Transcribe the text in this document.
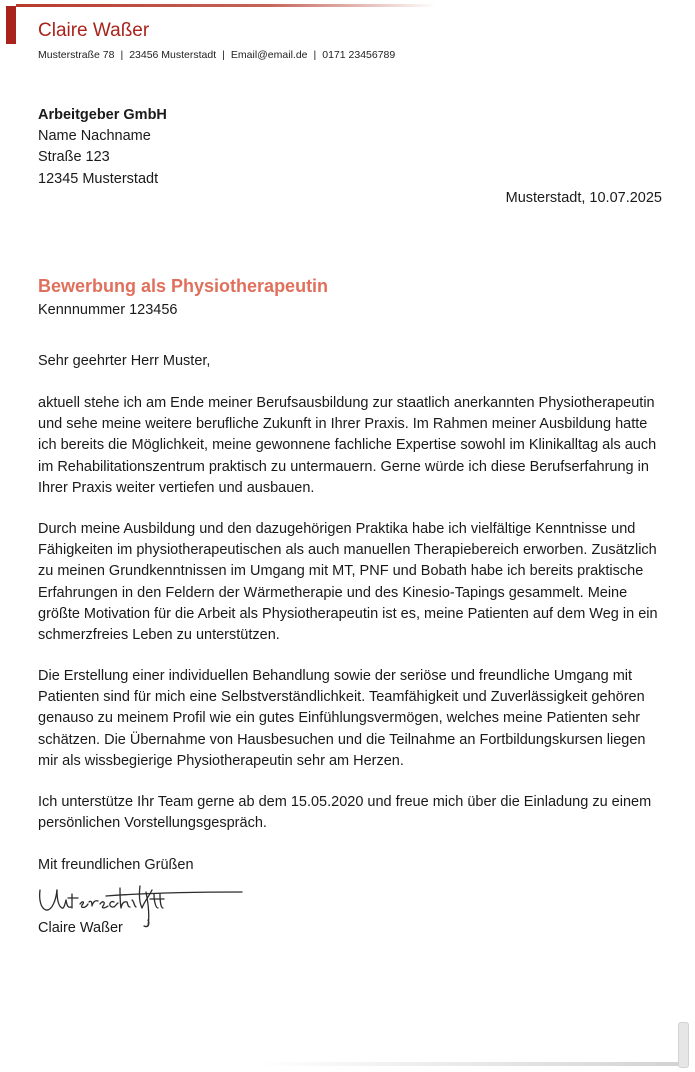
Claire Waßer
Musterstraße 78 | 23456 Musterstadt | Email@email.de | 0171 23456789
Arbeitgeber GmbH
Name Nachname
Straße 123
12345 Musterstadt
Musterstadt, 10.07.2025
Bewerbung als Physiotherapeutin
Kennnummer 123456
Sehr geehrter Herr Muster,

aktuell stehe ich am Ende meiner Berufsausbildung zur staatlich anerkannten Physiotherapeutin und sehe meine weitere berufliche Zukunft in Ihrer Praxis. Im Rahmen meiner Ausbildung hatte ich bereits die Möglichkeit, meine gewonnene fachliche Expertise sowohl im Klinikalltag als auch im Rehabilitationszentrum praktisch zu untermauern. Gerne würde ich diese Berufserfahrung in Ihrer Praxis weiter vertiefen und ausbauen.

Durch meine Ausbildung und den dazugehörigen Praktika habe ich vielfältige Kenntnisse und Fähigkeiten im physiotherapeutischen als auch manuellen Therapiebereich erworben. Zusätzlich zu meinen Grundkenntnissen im Umgang mit MT, PNF und Bobath habe ich bereits praktische Erfahrungen in den Feldern der Wärmetherapie und des Kinesio-Tapings gesammelt. Meine größte Motivation für die Arbeit als Physiotherapeutin ist es, meine Patienten auf dem Weg in ein schmerzfreies Leben zu unterstützen.

Die Erstellung einer individuellen Behandlung sowie der seriöse und freundliche Umgang mit Patienten sind für mich eine Selbstverständlichkeit. Teamfähigkeit und Zuverlässigkeit gehören genauso zu meinem Profil wie ein gutes Einfühlungsvermögen, welches meine Patienten sehr schätzen. Die Übernahme von Hausbesuchen und die Teilnahme an Fortbildungskursen liegen mir als wissbegierige Physiotherapeutin sehr am Herzen.

Ich unterstütze Ihr Team gerne ab dem 15.05.2020 und freue mich über die Einladung zu einem persönlichen Vorstellungsgespräch.

Mit freundlichen Grüßen
Claire Waßer
